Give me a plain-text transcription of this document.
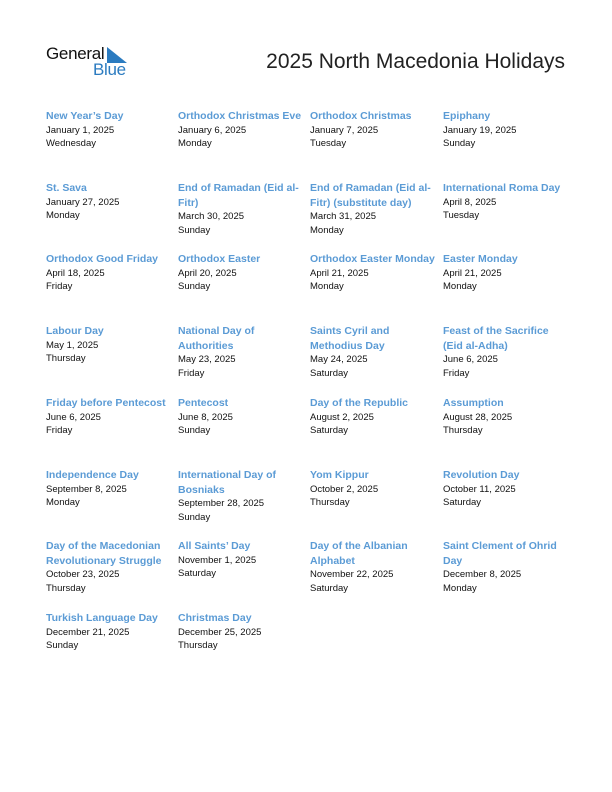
General
Blue	2025 North Macedonia Holidays
New Year’s Day
January 1, 2025
Wednesday
Orthodox Christmas Eve
January 6, 2025
Monday
Orthodox Christmas
January 7, 2025
Tuesday
Epiphany
January 19, 2025
Sunday
St. Sava
January 27, 2025
Monday
End of Ramadan (Eid al-Fitr)
March 30, 2025
Sunday
End of Ramadan (Eid al-Fitr) (substitute day)
March 31, 2025
Monday
International Roma Day
April 8, 2025
Tuesday
Orthodox Good Friday
April 18, 2025
Friday
Orthodox Easter
April 20, 2025
Sunday
Orthodox Easter Monday
April 21, 2025
Monday
Easter Monday
April 21, 2025
Monday
Labour Day
May 1, 2025
Thursday
National Day of Authorities
May 23, 2025
Friday
Saints Cyril and Methodius Day
May 24, 2025
Saturday
Feast of the Sacrifice (Eid al-Adha)
June 6, 2025
Friday
Friday before Pentecost
June 6, 2025
Friday
Pentecost
June 8, 2025
Sunday
Day of the Republic
August 2, 2025
Saturday
Assumption
August 28, 2025
Thursday
Independence Day
September 8, 2025
Monday
International Day of Bosniaks
September 28, 2025
Sunday
Yom Kippur
October 2, 2025
Thursday
Revolution Day
October 11, 2025
Saturday
Day of the Macedonian Revolutionary Struggle
October 23, 2025
Thursday
All Saints’ Day
November 1, 2025
Saturday
Day of the Albanian Alphabet
November 22, 2025
Saturday
Saint Clement of Ohrid Day
December 8, 2025
Monday
Turkish Language Day
December 21, 2025
Sunday
Christmas Day
December 25, 2025
Thursday
